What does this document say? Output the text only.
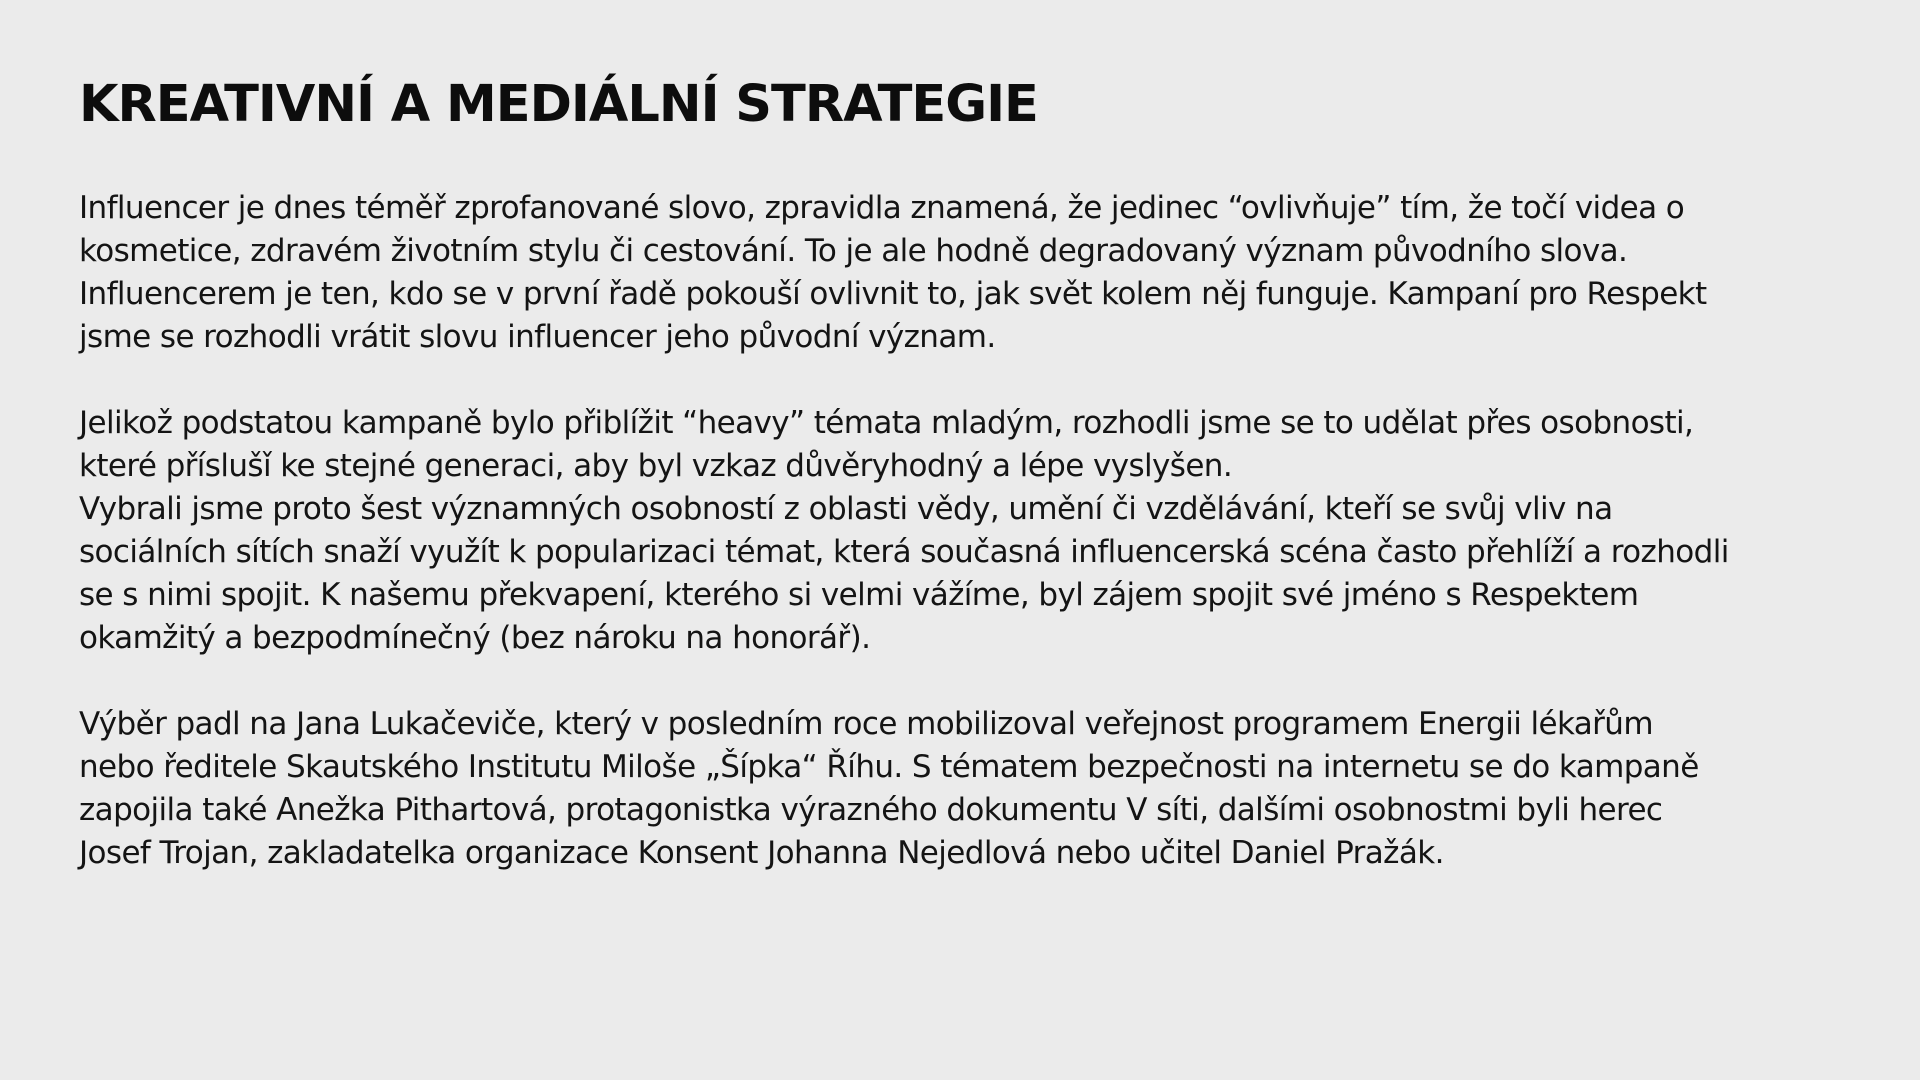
KREATIVNÍ A MEDIÁLNÍ STRATEGIE
Influencer je dnes téměř zprofanované slovo, zpravidla znamená, že jedinec “ovlivňuje” tím, že točí videa o
kosmetice, zdravém životním stylu či cestování. To je ale hodně degradovaný význam původního slova.
Influencerem je ten, kdo se v první řadě pokouší ovlivnit to, jak svět kolem něj funguje. Kampaní pro Respekt
jsme se rozhodli vrátit slovu influencer jeho původní význam.
Jelikož podstatou kampaně bylo přiblížit “heavy” témata mladým, rozhodli jsme se to udělat přes osobnosti,
které příslušǐ ke stejné generaci, aby byl vzkaz důvěryhodný a lépe vyslyšen.
Vybrali jsme proto šest významných osobností z oblasti vědy, umění či vzdělávání, kteří se svůj vliv na
sociálních sítích snaží využít k popularizaci témat, která současná influencerská scéna často přehlíží a rozhodli
se s nimi spojit. K našemu překvapení, kterého si velmi vážíme, byl zájem spojit své jméno s Respektem
okamžitý a bezpodmínečný (bez nároku na honorář).
Výběr padl na Jana Lukačeviče, který v posledním roce mobilizoval veřejnost programem Energii lékařům
nebo ředitele Skautského Institutu Miloše „Šípka“ Říhu. S tématem bezpečnosti na internetu se do kampaně
zapojila také Anežka Pithartová, protagonistka výrazného dokumentu V síti, dalšími osobnostmi byli herec
Josef Trojan, zakladatelka organizace Konsent Johanna Nejedlová nebo učitel Daniel Pražák.
